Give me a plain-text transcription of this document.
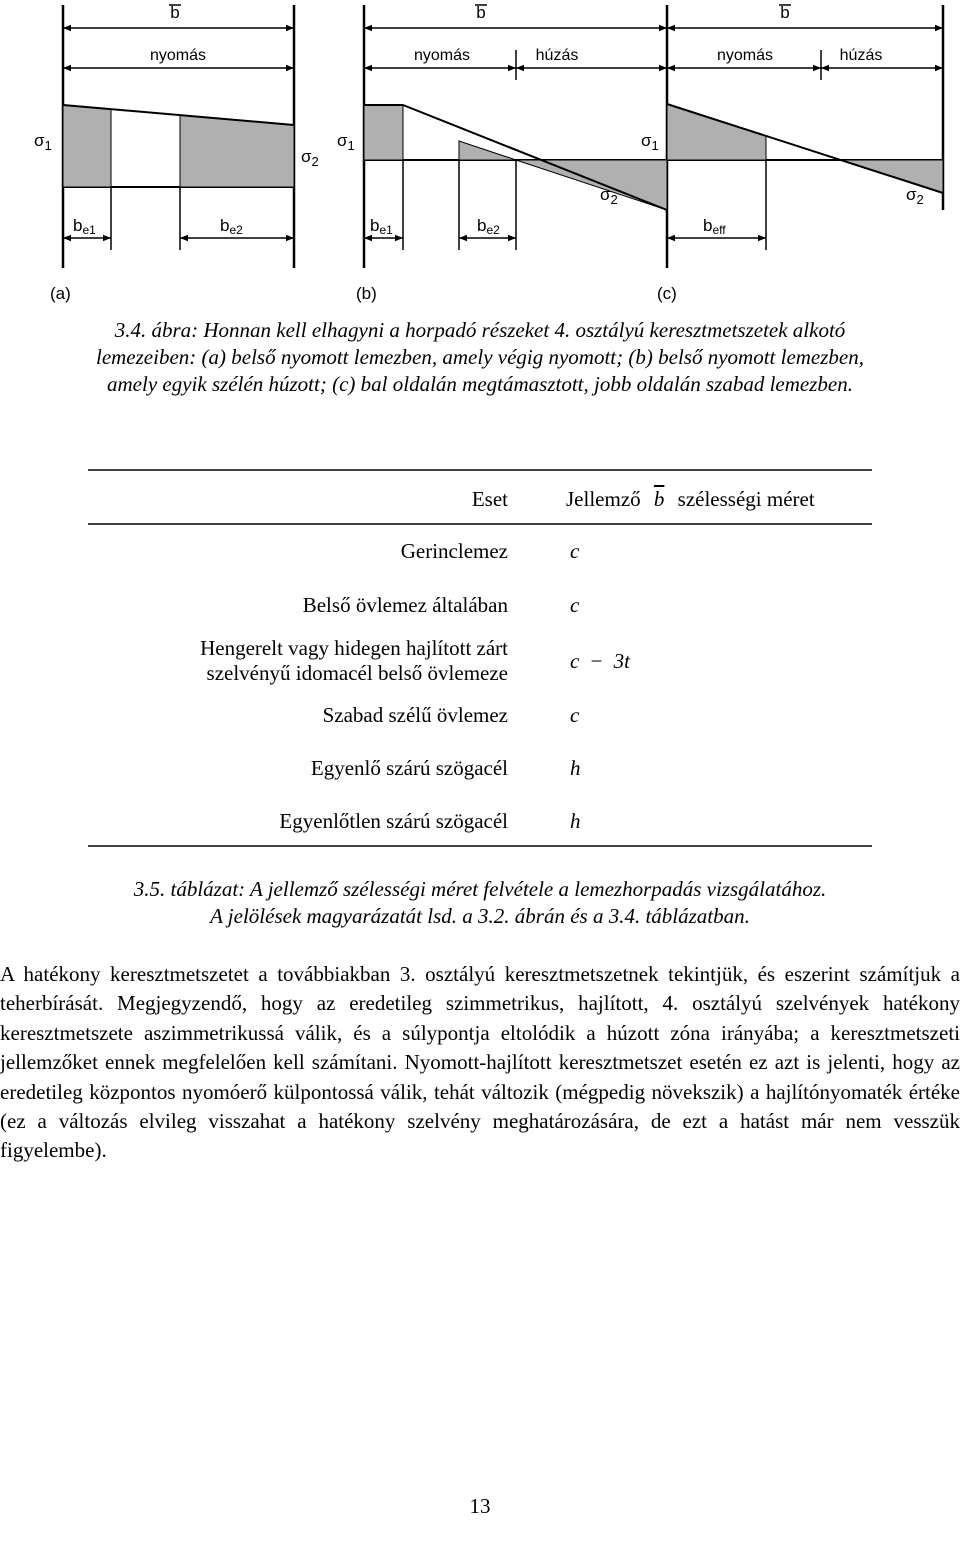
b
nyomás
$\sigma_1$
$\sigma_2$
be1	be2
(a)
b
nyomás	húzás
$\sigma_1$
$\sigma_2$
be1	be2
(b)
b
nyomás	húzás
$\sigma_1$
$\sigma_2$
beff
(c)
3.4. ábra: Honnan kell elhagyni a horpadó részeket 4. osztályú keresztmetszetek alkotó
lemezeiben: (a) belső nyomott lemezben, amely végig nyomott; (b) belső nyomott lemezben,
amely egyik szélén húzott; (c) bal oldalán megtámasztott, jobb oldalán szabad lemezben.
Eset	Jellemző $\overline{b}$ szélességi méret
Gerinclemez	c
Belső övlemez általában	c
Hengerelt vagy hidegen hajlított zárt
szelvényű idomacél belső övlemeze	c − 3t
Szabad szélű övlemez	c
Egyenlő szárú szögacél	h
Egyenlőtlen szárú szögacél	h
3.5. táblázat: A jellemző szélességi méret felvétele a lemezhorpadás vizsgálatához.
A jelölések magyarázatát lsd. a 3.2. ábrán és a 3.4. táblázatban.

A hatékony keresztmetszetet a továbbiakban 3. osztályú keresztmetszetnek tekintjük, és eszerint számítjuk a teherbírását. Megjegyzendő, hogy az eredetileg szimmetrikus, hajlított, 4. osztályú szelvények hatékony keresztmetszete aszimmetrikussá válik, és a súlypontja eltolódik a húzott zóna irányába; a keresztmetszeti jellemzőket ennek megfelelően kell számítani. Nyomott-hajlított keresztmetszet esetén ez azt is jelenti, hogy az eredetileg központos nyomóerő külpontossá válik, tehát változik (mégpedig növekszik) a hajlítónyomaték értéke (ez a változás elvileg visszahat a hatékony szelvény meghatározására, de ezt a hatást már nem vesszük figyelembe).

13
